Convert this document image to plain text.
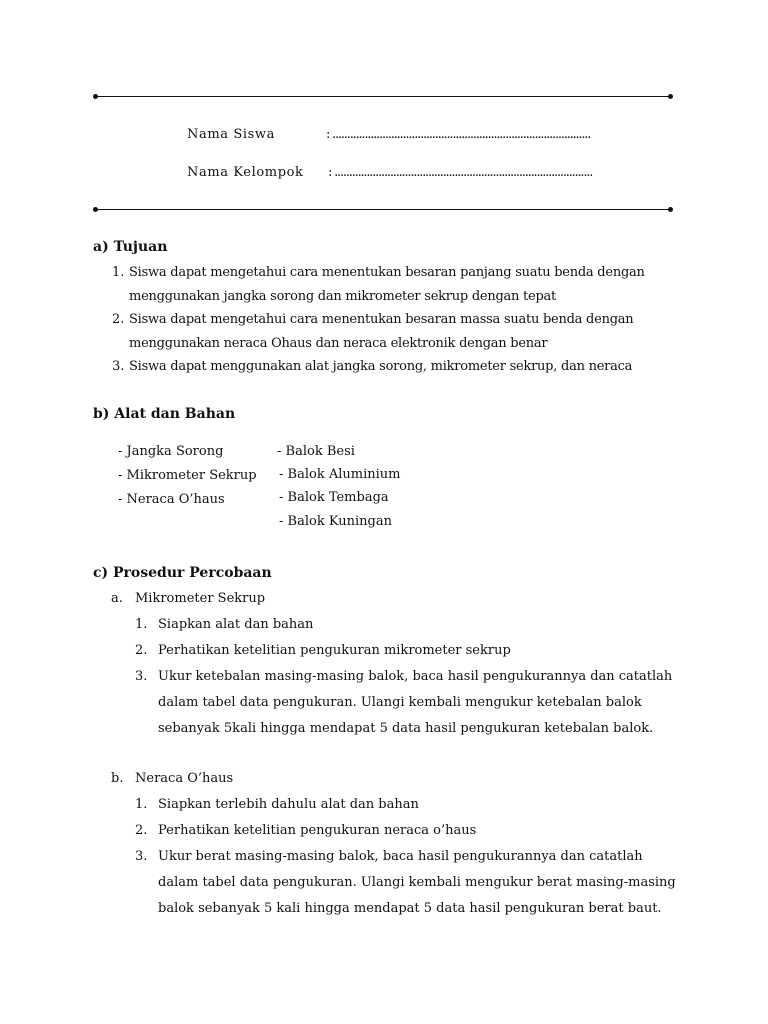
Nama Siswa	: ........................................................................................
Nama Kelompok : ........................................................................................
a) Tujuan
1. Siswa dapat mengetahui cara menentukan besaran panjang suatu benda dengan
menggunakan jangka sorong dan mikrometer sekrup dengan tepat
2. Siswa dapat mengetahui cara menentukan besaran massa suatu benda dengan
menggunakan neraca Ohaus dan neraca elektronik dengan benar
3. Siswa dapat menggunakan alat jangka sorong, mikrometer sekrup, dan neraca
b) Alat dan Bahan
- Jangka Sorong
- Mikrometer Sekrup
- Neraca O’haus
- Balok Besi
- Balok Aluminium
- Balok Tembaga
- Balok Kuningan
c) Prosedur Percobaan
a. Mikrometer Sekrup
1. Siapkan alat dan bahan
2. Perhatikan ketelitian pengukuran mikrometer sekrup
3. Ukur ketebalan masing-masing balok, baca hasil pengukurannya dan catatlah
dalam tabel data pengukuran. Ulangi kembali mengukur ketebalan balok
sebanyak 5kali hingga mendapat 5 data hasil pengukuran ketebalan balok.
b. Neraca O’haus
1. Siapkan terlebih dahulu alat dan bahan
2. Perhatikan ketelitian pengukuran neraca o’haus
3. Ukur berat masing-masing balok, baca hasil pengukurannya dan catatlah
dalam tabel data pengukuran. Ulangi kembali mengukur berat masing-masing
balok sebanyak 5 kali hingga mendapat 5 data hasil pengukuran berat baut.
